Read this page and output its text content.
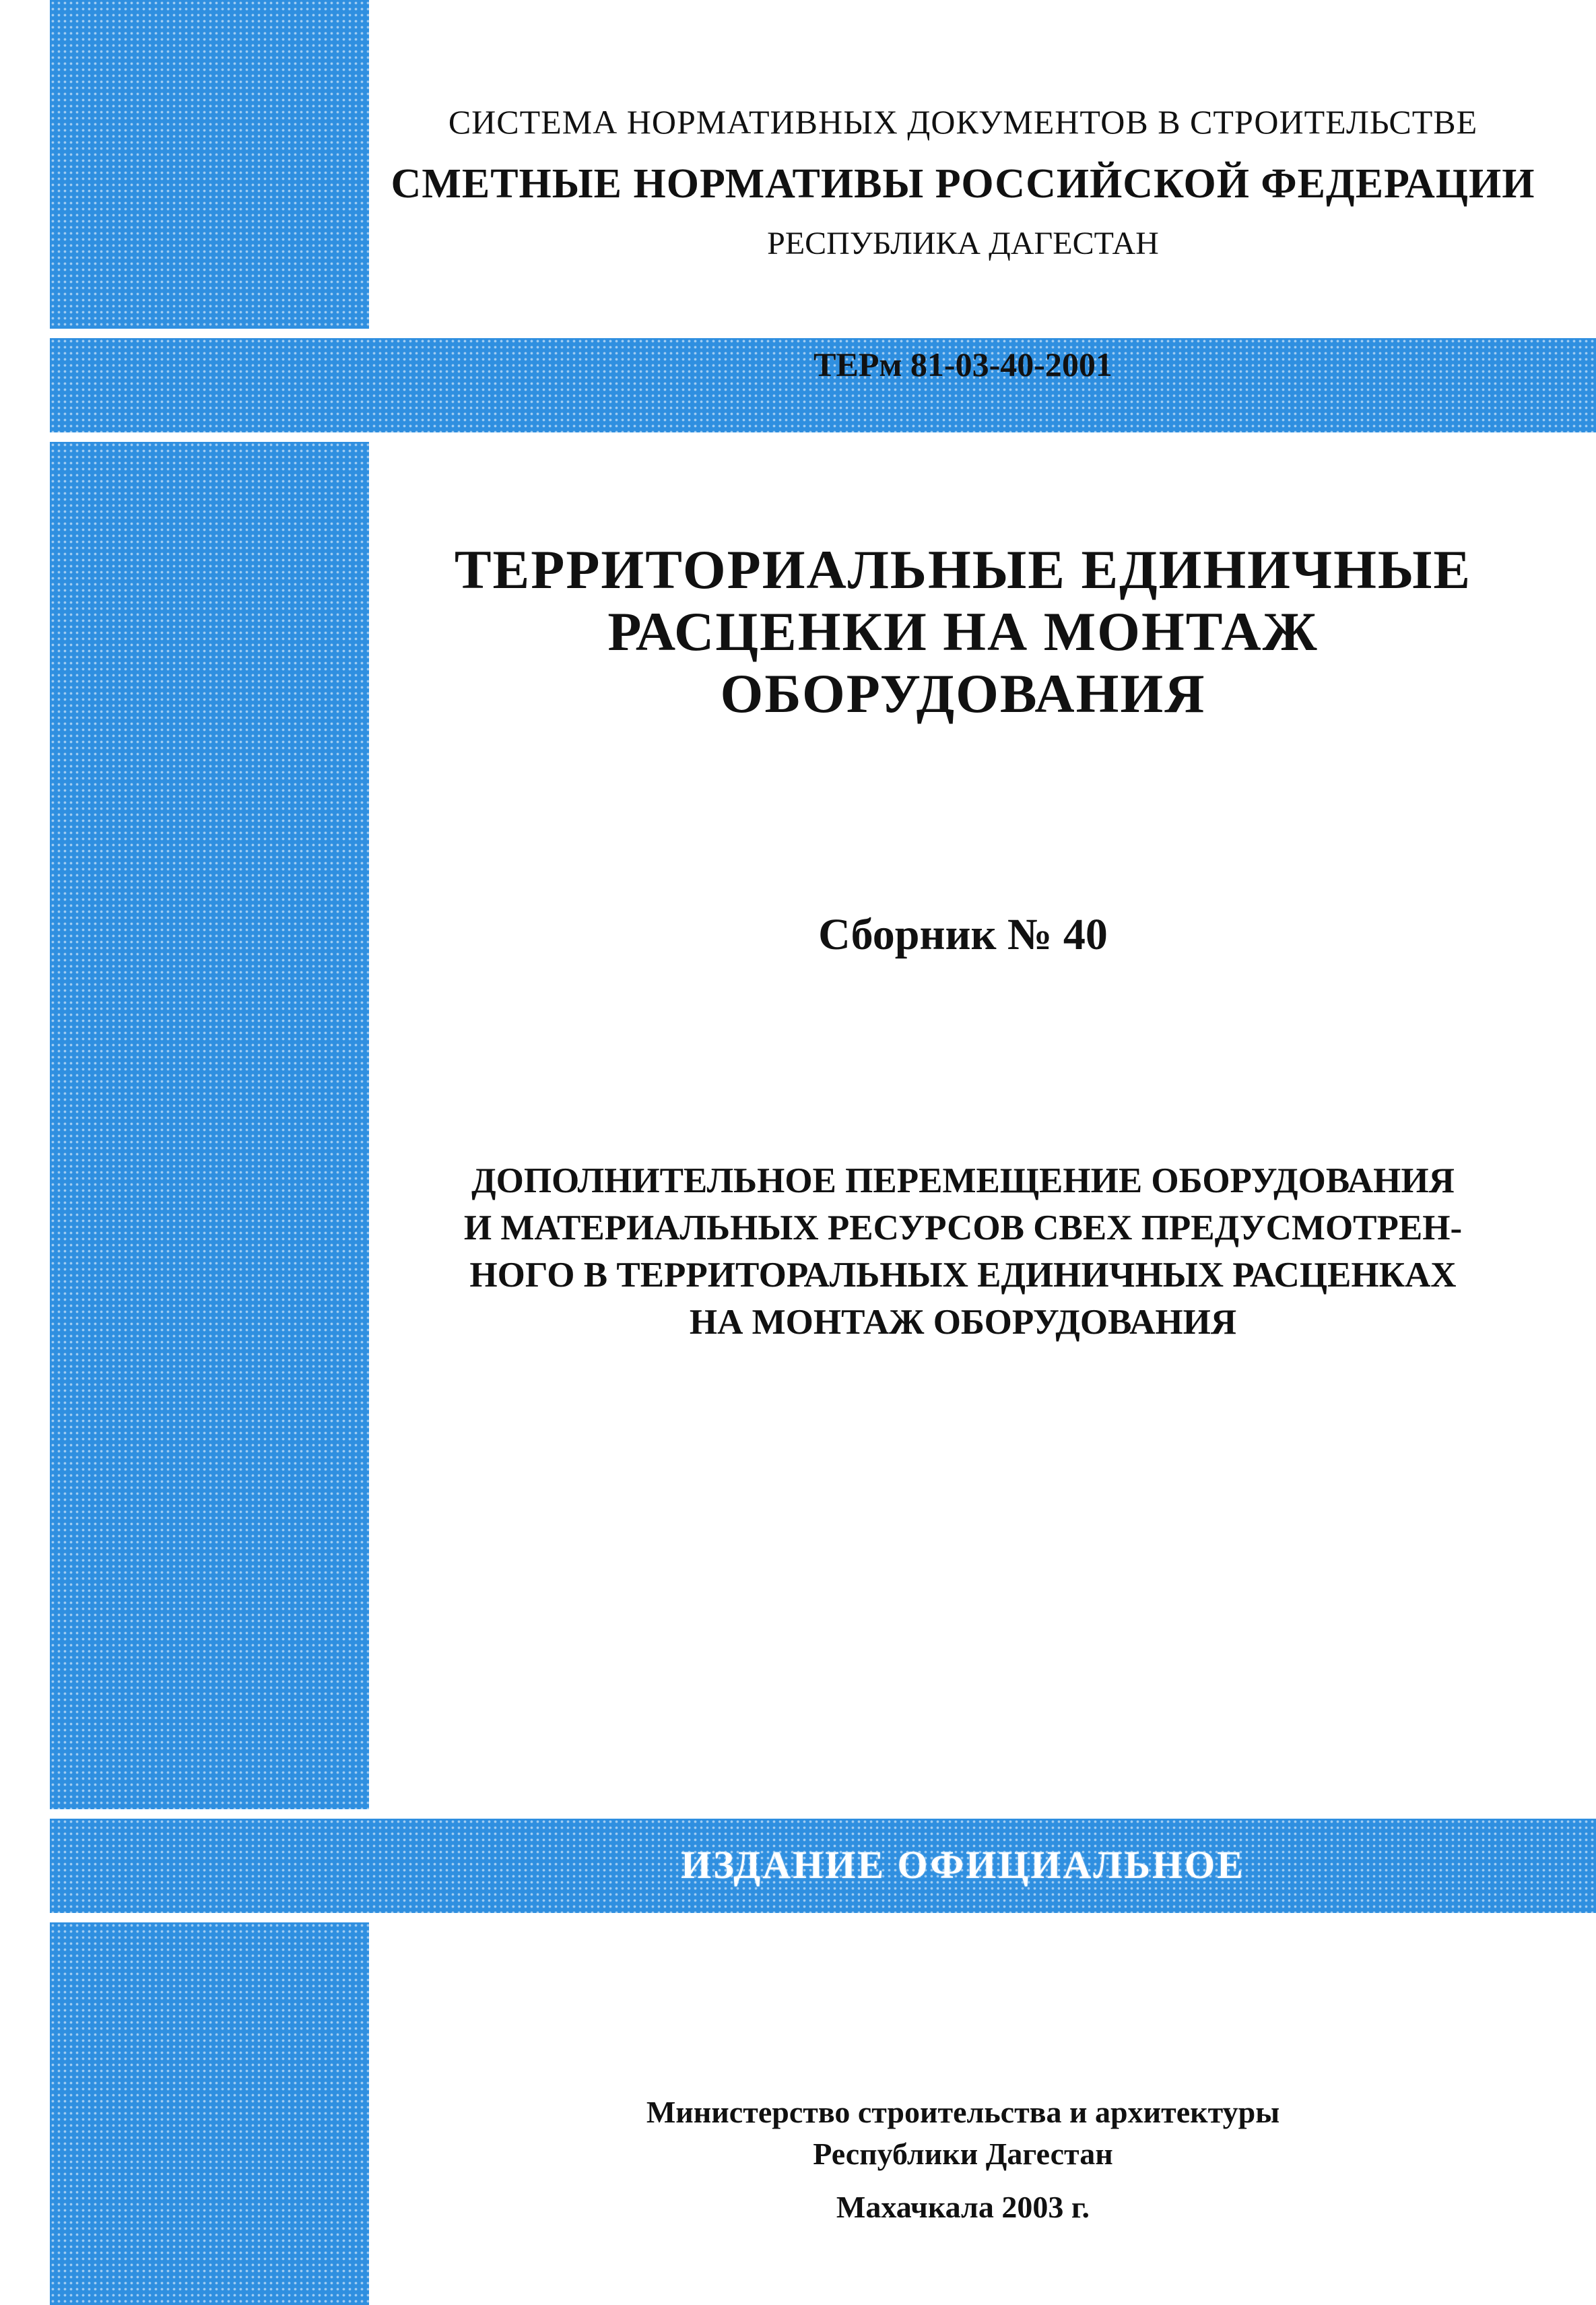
СИСТЕМА НОРМАТИВНЫХ ДОКУМЕНТОВ В СТРОИТЕЛЬСТВЕ

СМЕТНЫЕ НОРМАТИВЫ РОССИЙСКОЙ ФЕДЕРАЦИИ

РЕСПУБЛИКА ДАГЕСТАН

ТЕРм 81-03-40-2001

ТЕРРИТОРИАЛЬНЫЕ ЕДИНИЧНЫЕ
РАСЦЕНКИ НА МОНТАЖ
ОБОРУДОВАНИЯ

Сборник № 40

ДОПОЛНИТЕЛЬНОЕ ПЕРЕМЕЩЕНИЕ ОБОРУДОВАНИЯ
И МАТЕРИАЛЬНЫХ РЕСУРСОВ СВЕХ ПРЕДУСМОТРЕН-
НОГО В ТЕРРИТОРАЛЬНЫХ ЕДИНИЧНЫХ РАСЦЕНКАХ
НА МОНТАЖ ОБОРУДОВАНИЯ

ИЗДАНИЕ ОФИЦИАЛЬНОЕ

Министерство строительства и архитектуры
Республики Дагестан

Махачкала 2003 г.
